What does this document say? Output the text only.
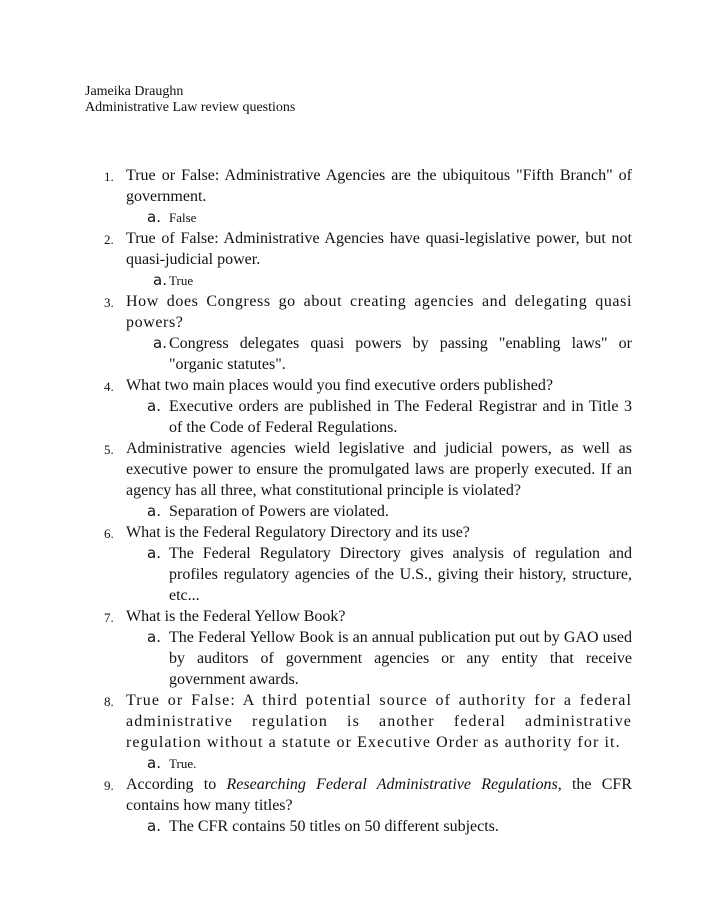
Jameika Draughn
Administrative Law review questions
1. True or False: Administrative Agencies are the ubiquitous "Fifth Branch" of government.
a. False
2. True of False: Administrative Agencies have quasi-legislative power, but not quasi-judicial power.
a. True
3. How does Congress go about creating agencies and delegating quasi powers?
a. Congress delegates quasi powers by passing "enabling laws" or "organic statutes".
4. What two main places would you find executive orders published?
a. Executive orders are published in The Federal Registrar and in Title 3 of the Code of Federal Regulations.
5. Administrative agencies wield legislative and judicial powers, as well as executive power to ensure the promulgated laws are properly executed. If an agency has all three, what constitutional principle is violated?
a. Separation of Powers are violated.
6. What is the Federal Regulatory Directory and its use?
a. The Federal Regulatory Directory gives analysis of regulation and profiles regulatory agencies of the U.S., giving their history, structure, etc...
7. What is the Federal Yellow Book?
a. The Federal Yellow Book is an annual publication put out by GAO used by auditors of government agencies or any entity that receive government awards.
8. True or False: A third potential source of authority for a federal administrative regulation is another federal administrative regulation without a statute or Executive Order as authority for it.
a. True.
9. According to Researching Federal Administrative Regulations, the CFR contains how many titles?
a. The CFR contains 50 titles on 50 different subjects.
